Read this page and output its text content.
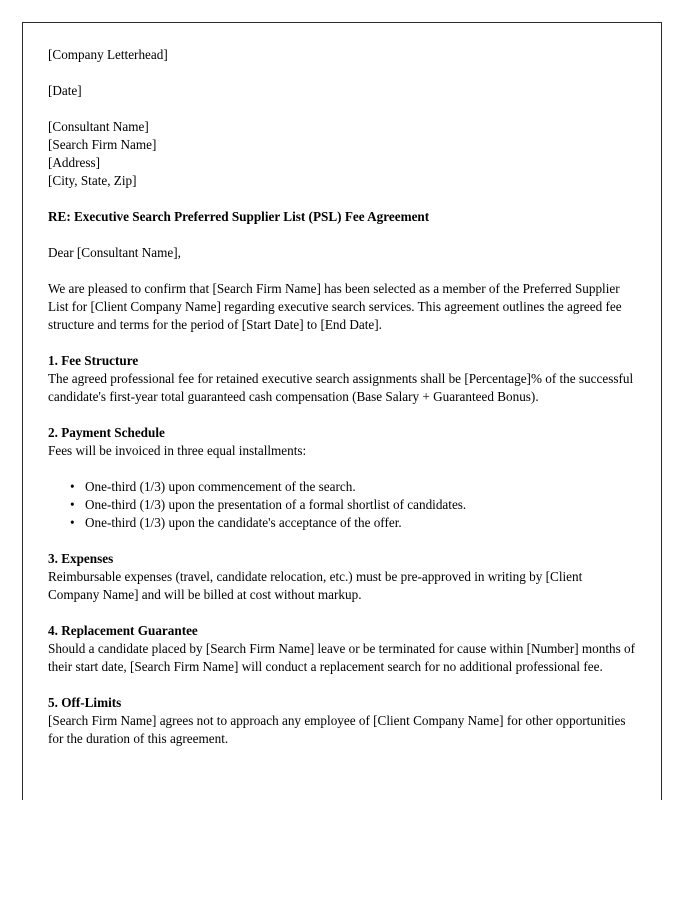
[Company Letterhead]

[Date]

[Consultant Name]
[Search Firm Name]
[Address]
[City, State, Zip]

RE: Executive Search Preferred Supplier List (PSL) Fee Agreement

Dear [Consultant Name],

We are pleased to confirm that [Search Firm Name] has been selected as a member of the Preferred Supplier List for [Client Company Name] regarding executive search services. This agreement outlines the agreed fee structure and terms for the period of [Start Date] to [End Date].

1. Fee Structure

The agreed professional fee for retained executive search assignments shall be [Percentage]% of the successful candidate's first-year total guaranteed cash compensation (Base Salary + Guaranteed Bonus).

2. Payment Schedule

Fees will be invoiced in three equal installments:

• One-third (1/3) upon commencement of the search.
• One-third (1/3) upon the presentation of a formal shortlist of candidates.
• One-third (1/3) upon the candidate's acceptance of the offer.

3. Expenses

Reimbursable expenses (travel, candidate relocation, etc.) must be pre-approved in writing by [Client Company Name] and will be billed at cost without markup.

4. Replacement Guarantee

Should a candidate placed by [Search Firm Name] leave or be terminated for cause within [Number] months of their start date, [Search Firm Name] will conduct a replacement search for no additional professional fee.

5. Off-Limits

[Search Firm Name] agrees not to approach any employee of [Client Company Name] for other opportunities for the duration of this agreement.
